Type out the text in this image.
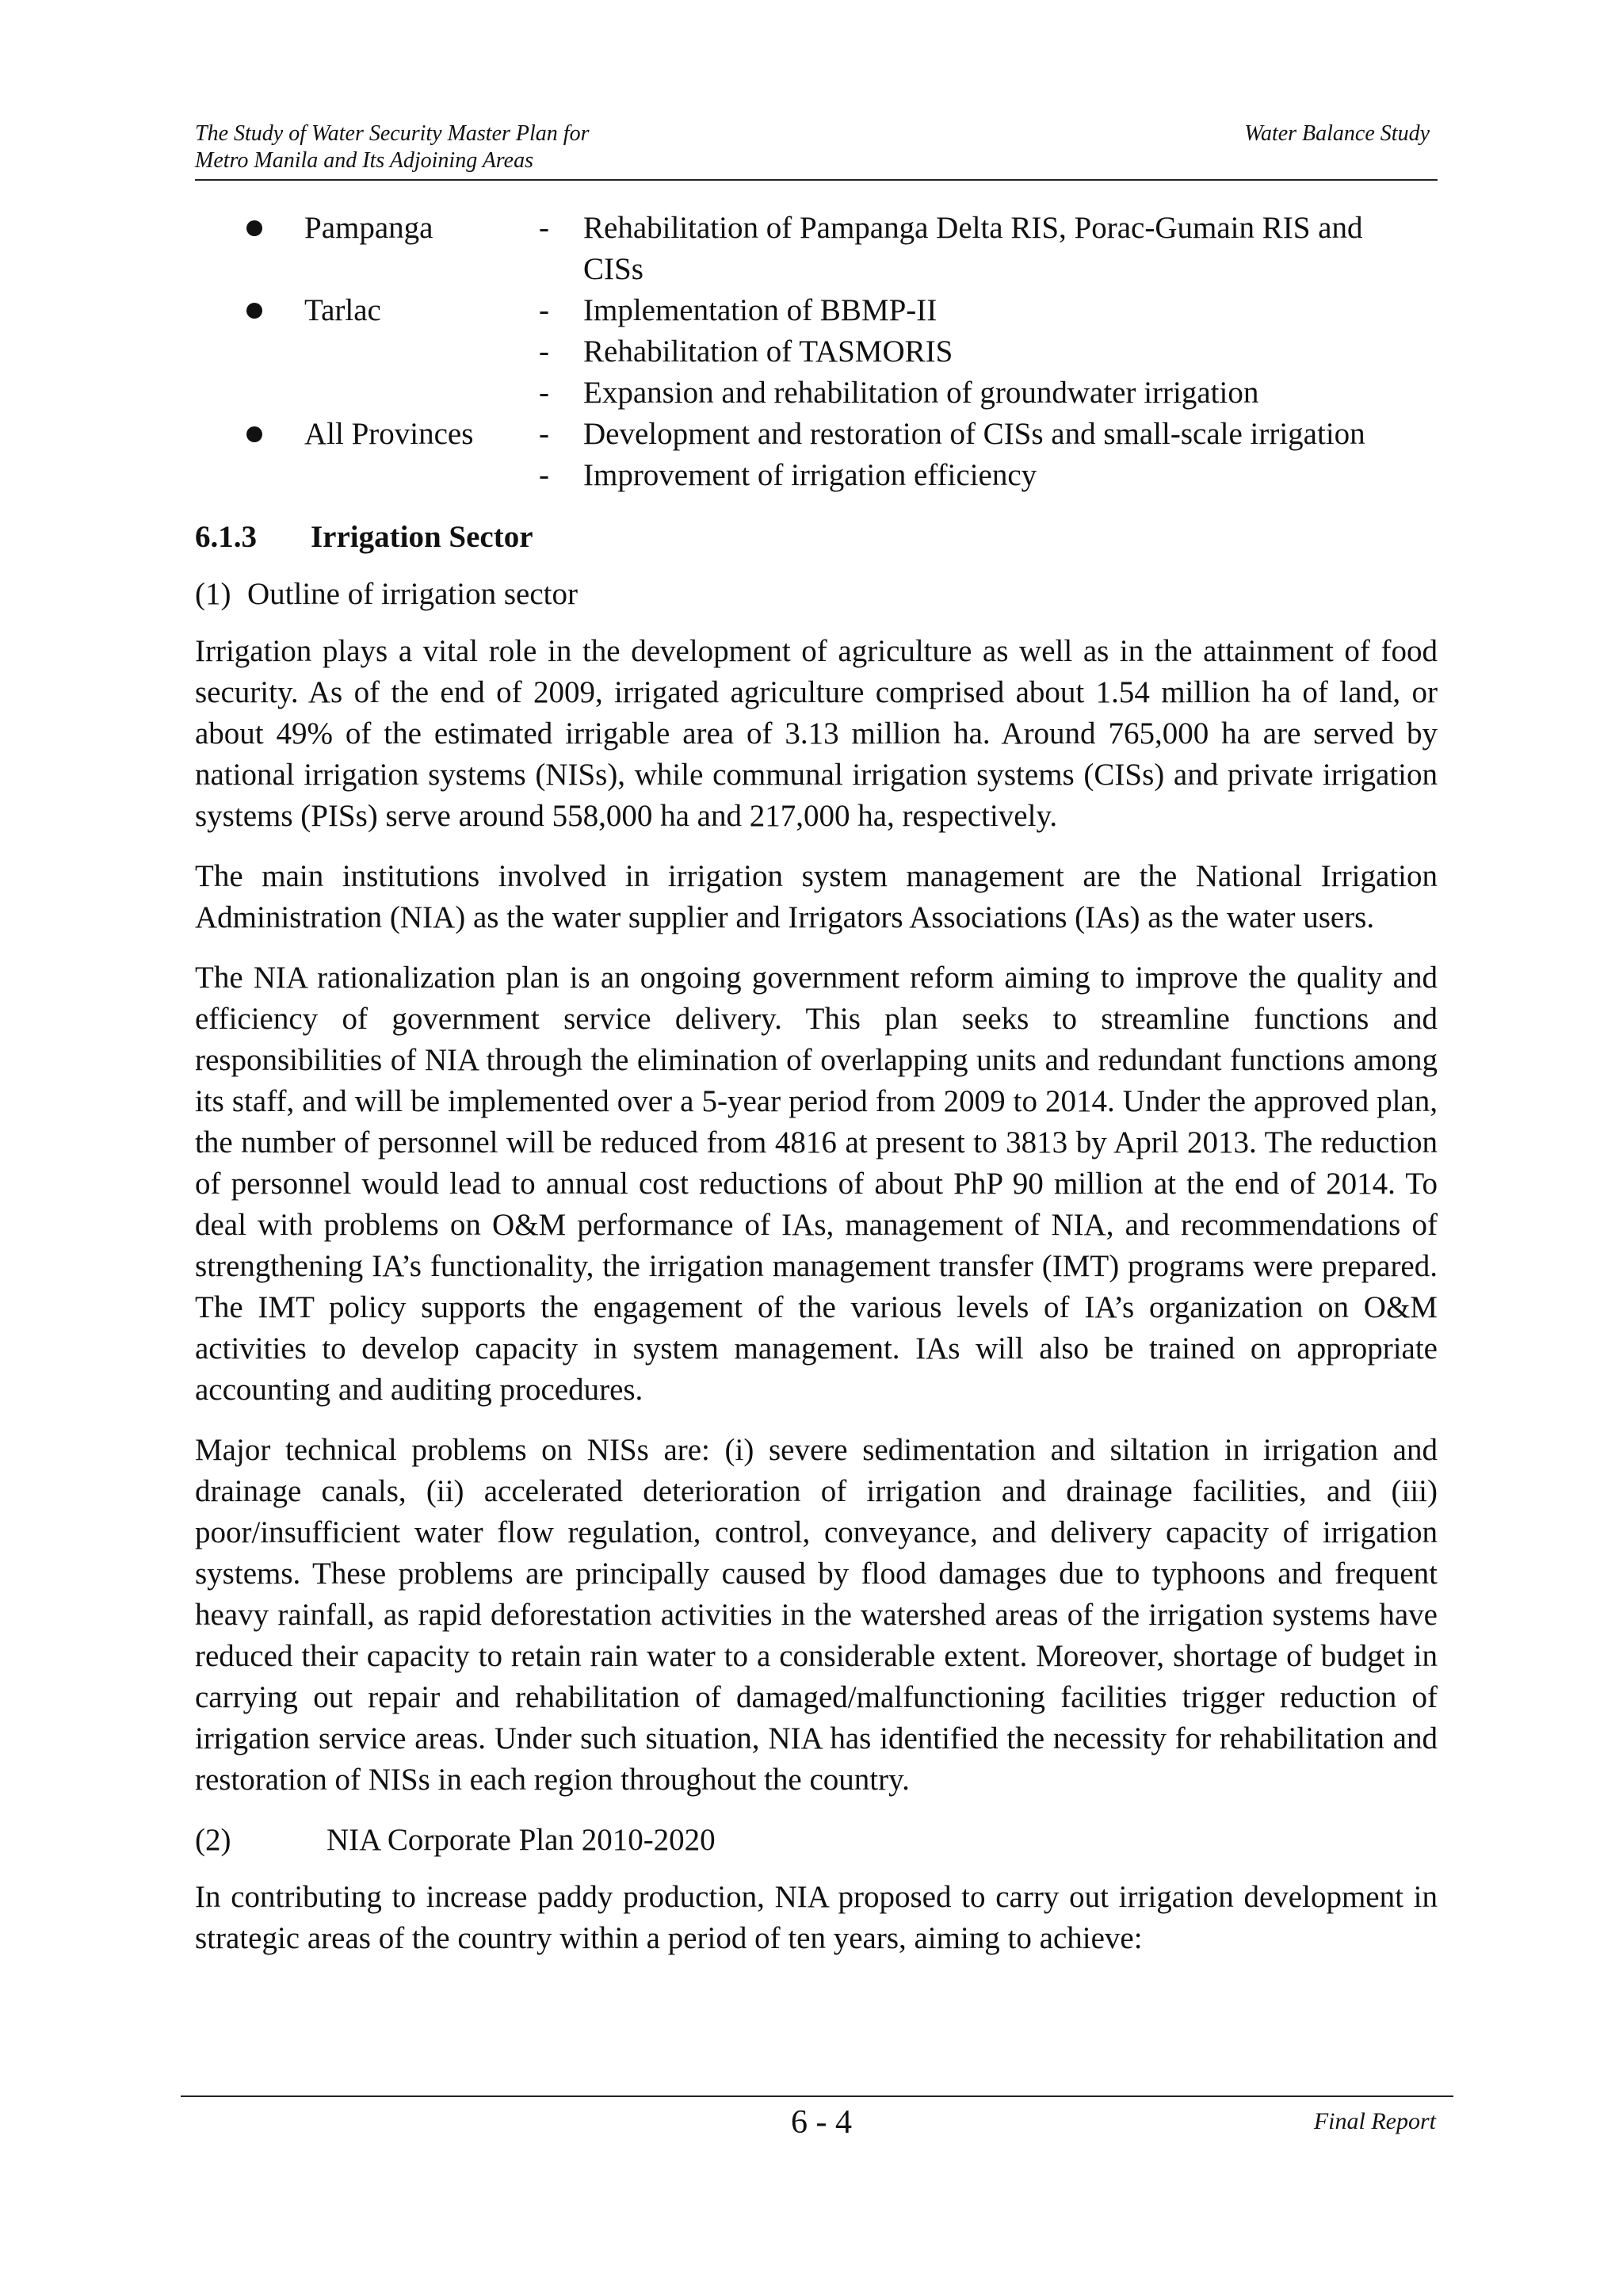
The Study of Water Security Master Plan for
Metro Manila and Its Adjoining Areas
Water Balance Study
Pampanga	- Rehabilitation of Pampanga Delta RIS, Porac-Gumain RIS and
CISs
Tarlac	- Implementation of BBMP-II
- Rehabilitation of TASMORIS
- Expansion and rehabilitation of groundwater irrigation
All Provinces - Development and restoration of CISs and small-scale irrigation
- Improvement of irrigation efficiency
6.1.3 Irrigation Sector
(1) Outline of irrigation sector

Irrigation plays a vital role in the development of agriculture as well as in the attainment of food security. As of the end of 2009, irrigated agriculture comprised about 1.54 million ha of land, or about 49% of the estimated irrigable area of 3.13 million ha. Around 765,000 ha are served by national irrigation systems (NISs), while communal irrigation systems (CISs) and private irrigation systems (PISs) serve around 558,000 ha and 217,000 ha, respectively.

The main institutions involved in irrigation system management are the National Irrigation Administration (NIA) as the water supplier and Irrigators Associations (IAs) as the water users.

The NIA rationalization plan is an ongoing government reform aiming to improve the quality and efficiency of government service delivery. This plan seeks to streamline functions and responsibilities of NIA through the elimination of overlapping units and redundant functions among its staff, and will be implemented over a 5-year period from 2009 to 2014. Under the approved plan, the number of personnel will be reduced from 4816 at present to 3813 by April 2013. The reduction of personnel would lead to annual cost reductions of about PhP 90 million at the end of 2014. To deal with problems on O&M performance of IAs, management of NIA, and recommendations of strengthening IA’s functionality, the irrigation management transfer (IMT) programs were prepared. The IMT policy supports the engagement of the various levels of IA’s organization on O&M activities to develop capacity in system management. IAs will also be trained on appropriate accounting and auditing procedures.

Major technical problems on NISs are: (i) severe sedimentation and siltation in irrigation and drainage canals, (ii) accelerated deterioration of irrigation and drainage facilities, and (iii) poor/insufficient water flow regulation, control, conveyance, and delivery capacity of irrigation systems. These problems are principally caused by flood damages due to typhoons and frequent heavy rainfall, as rapid deforestation activities in the watershed areas of the irrigation systems have reduced their capacity to retain rain water to a considerable extent. Moreover, shortage of budget in carrying out repair and rehabilitation of damaged/malfunctioning facilities trigger reduction of irrigation service areas. Under such situation, NIA has identified the necessity for rehabilitation and restoration of NISs in each region throughout the country.

(2)	NIA Corporate Plan 2010-2020

In contributing to increase paddy production, NIA proposed to carry out irrigation development in strategic areas of the country within a period of ten years, aiming to achieve:

6 - 4	Final Report
